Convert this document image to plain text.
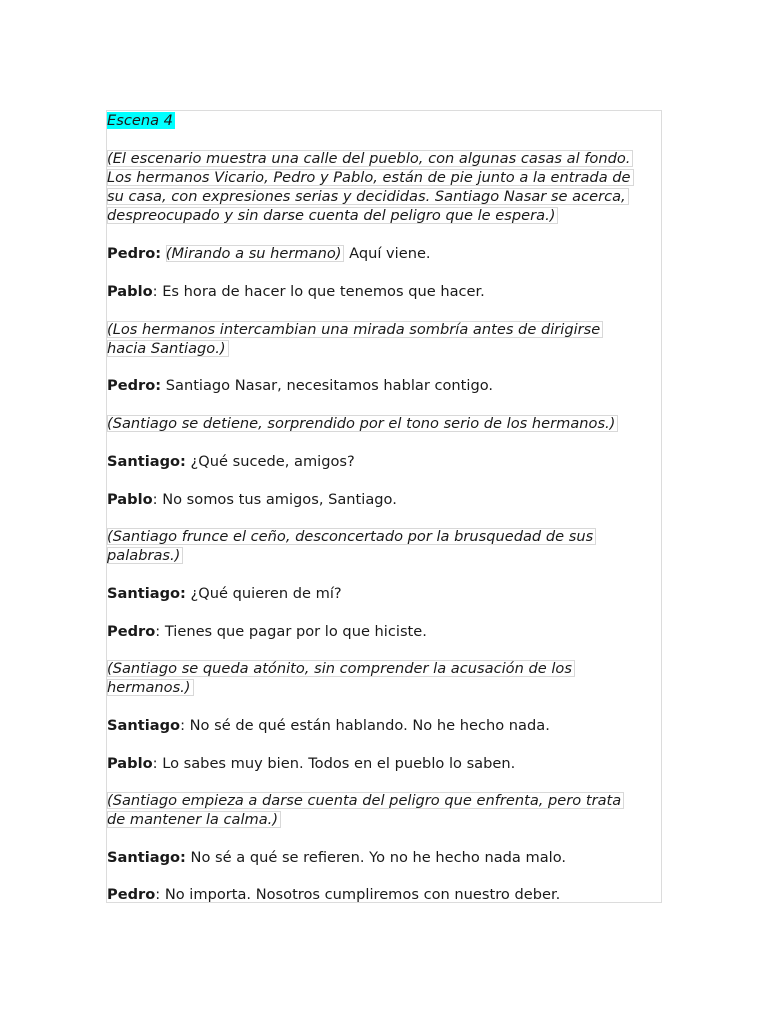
Escena 4
(El escenario muestra una calle del pueblo, con algunas casas al fondo.
Los hermanos Vicario, Pedro y Pablo, están de pie junto a la entrada de
su casa, con expresiones serias y decididas. Santiago Nasar se acerca,
despreocupado y sin darse cuenta del peligro que le espera.)
Pedro: (Mirando a su hermano) Aquí viene.
Pablo: Es hora de hacer lo que tenemos que hacer.
(Los hermanos intercambian una mirada sombría antes de dirigirse
hacia Santiago.)
Pedro: Santiago Nasar, necesitamos hablar contigo.
(Santiago se detiene, sorprendido por el tono serio de los hermanos.)
Santiago: ¿Qué sucede, amigos?
Pablo: No somos tus amigos, Santiago.
(Santiago frunce el ceño, desconcertado por la brusquedad de sus
palabras.)
Santiago: ¿Qué quieren de mí?
Pedro: Tienes que pagar por lo que hiciste.
(Santiago se queda atónito, sin comprender la acusación de los
hermanos.)
Santiago: No sé de qué están hablando. No he hecho nada.
Pablo: Lo sabes muy bien. Todos en el pueblo lo saben.
(Santiago empieza a darse cuenta del peligro que enfrenta, pero trata
de mantener la calma.)
Santiago: No sé a qué se refieren. Yo no he hecho nada malo.
Pedro: No importa. Nosotros cumpliremos con nuestro deber.
